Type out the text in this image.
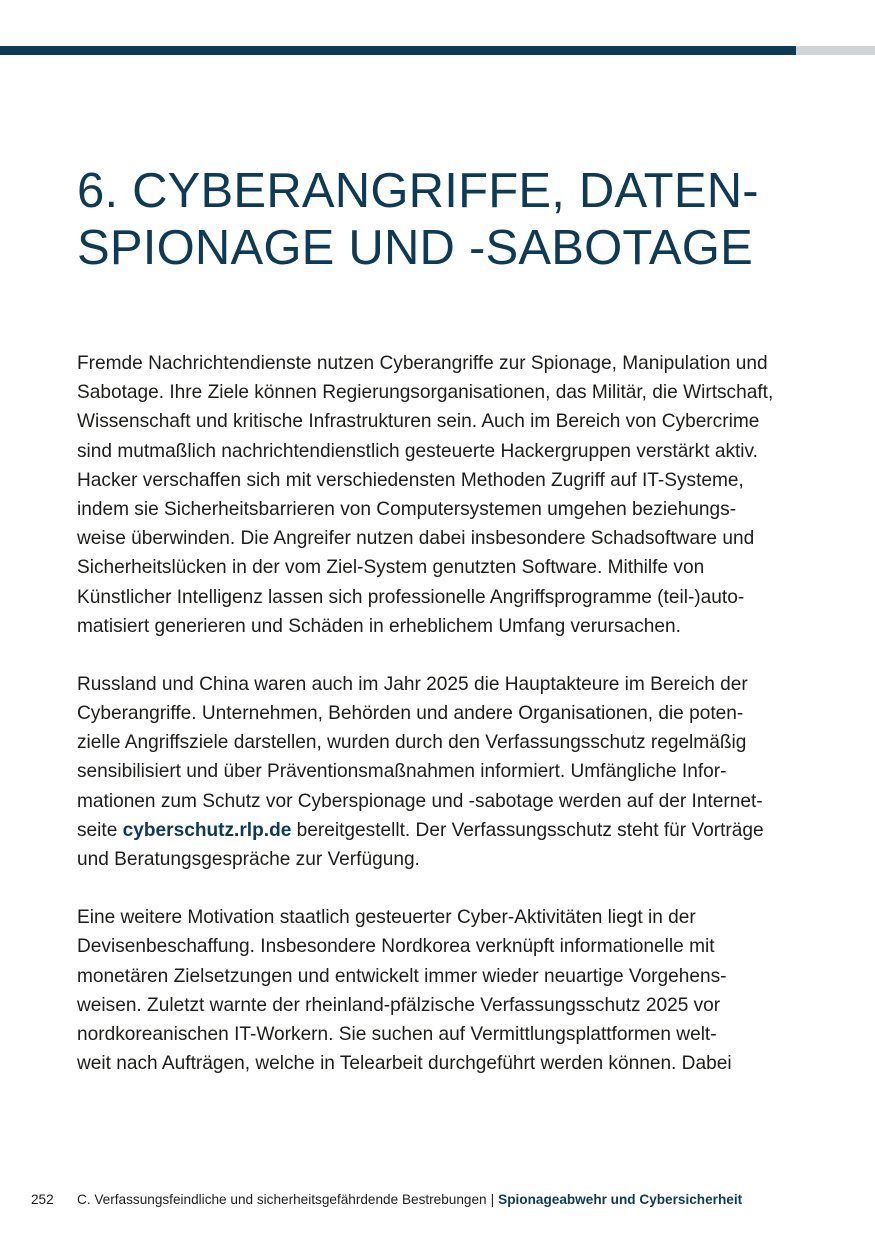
6. CYBERANGRIFFE, DATEN-
SPIONAGE UND -SABOTAGE
Fremde Nachrichtendienste nutzen Cyberangriffe zur Spionage, Manipulation und
Sabotage. Ihre Ziele können Regierungsorganisationen, das Militär, die Wirtschaft,
Wissenschaft und kritische Infrastrukturen sein. Auch im Bereich von Cybercrime
sind mutmaßlich nachrichtendienstlich gesteuerte Hackergruppen verstärkt aktiv.
Hacker verschaffen sich mit verschiedensten Methoden Zugriff auf IT-Systeme,
indem sie Sicherheitsbarrieren von Computersystemen umgehen beziehungs-
weise überwinden. Die Angreifer nutzen dabei insbesondere Schadsoftware und
Sicherheitslücken in der vom Ziel-System genutzten Software. Mithilfe von
Künstlicher Intelligenz lassen sich professionelle Angriffsprogramme (teil-)auto-
matisiert generieren und Schäden in erheblichem Umfang verursachen.
Russland und China waren auch im Jahr 2025 die Hauptakteure im Bereich der
Cyberangriffe. Unternehmen, Behörden und andere Organisationen, die poten-
zielle Angriffsziele darstellen, wurden durch den Verfassungsschutz regelmäßig
sensibilisiert und über Präventionsmaßnahmen informiert. Umfängliche Infor-
mationen zum Schutz vor Cyberspionage und -sabotage werden auf der Internet-
seite cyberschutz.rlp.de bereitgestellt. Der Verfassungsschutz steht für Vorträge
und Beratungsgespräche zur Verfügung.
Eine weitere Motivation staatlich gesteuerter Cyber-Aktivitäten liegt in der
Devisenbeschaffung. Insbesondere Nordkorea verknüpft informationelle mit
monetären Zielsetzungen und entwickelt immer wieder neuartige Vorgehens-
weisen. Zuletzt warnte der rheinland-pfälzische Verfassungsschutz 2025 vor
nordkoreanischen IT-Workern. Sie suchen auf Vermittlungsplattformen welt-
weit nach Aufträgen, welche in Telearbeit durchgeführt werden können. Dabei
252 C. Verfassungsfeindliche und sicherheitsgefährdende Bestrebungen | Spionageabwehr und Cybersicherheit
